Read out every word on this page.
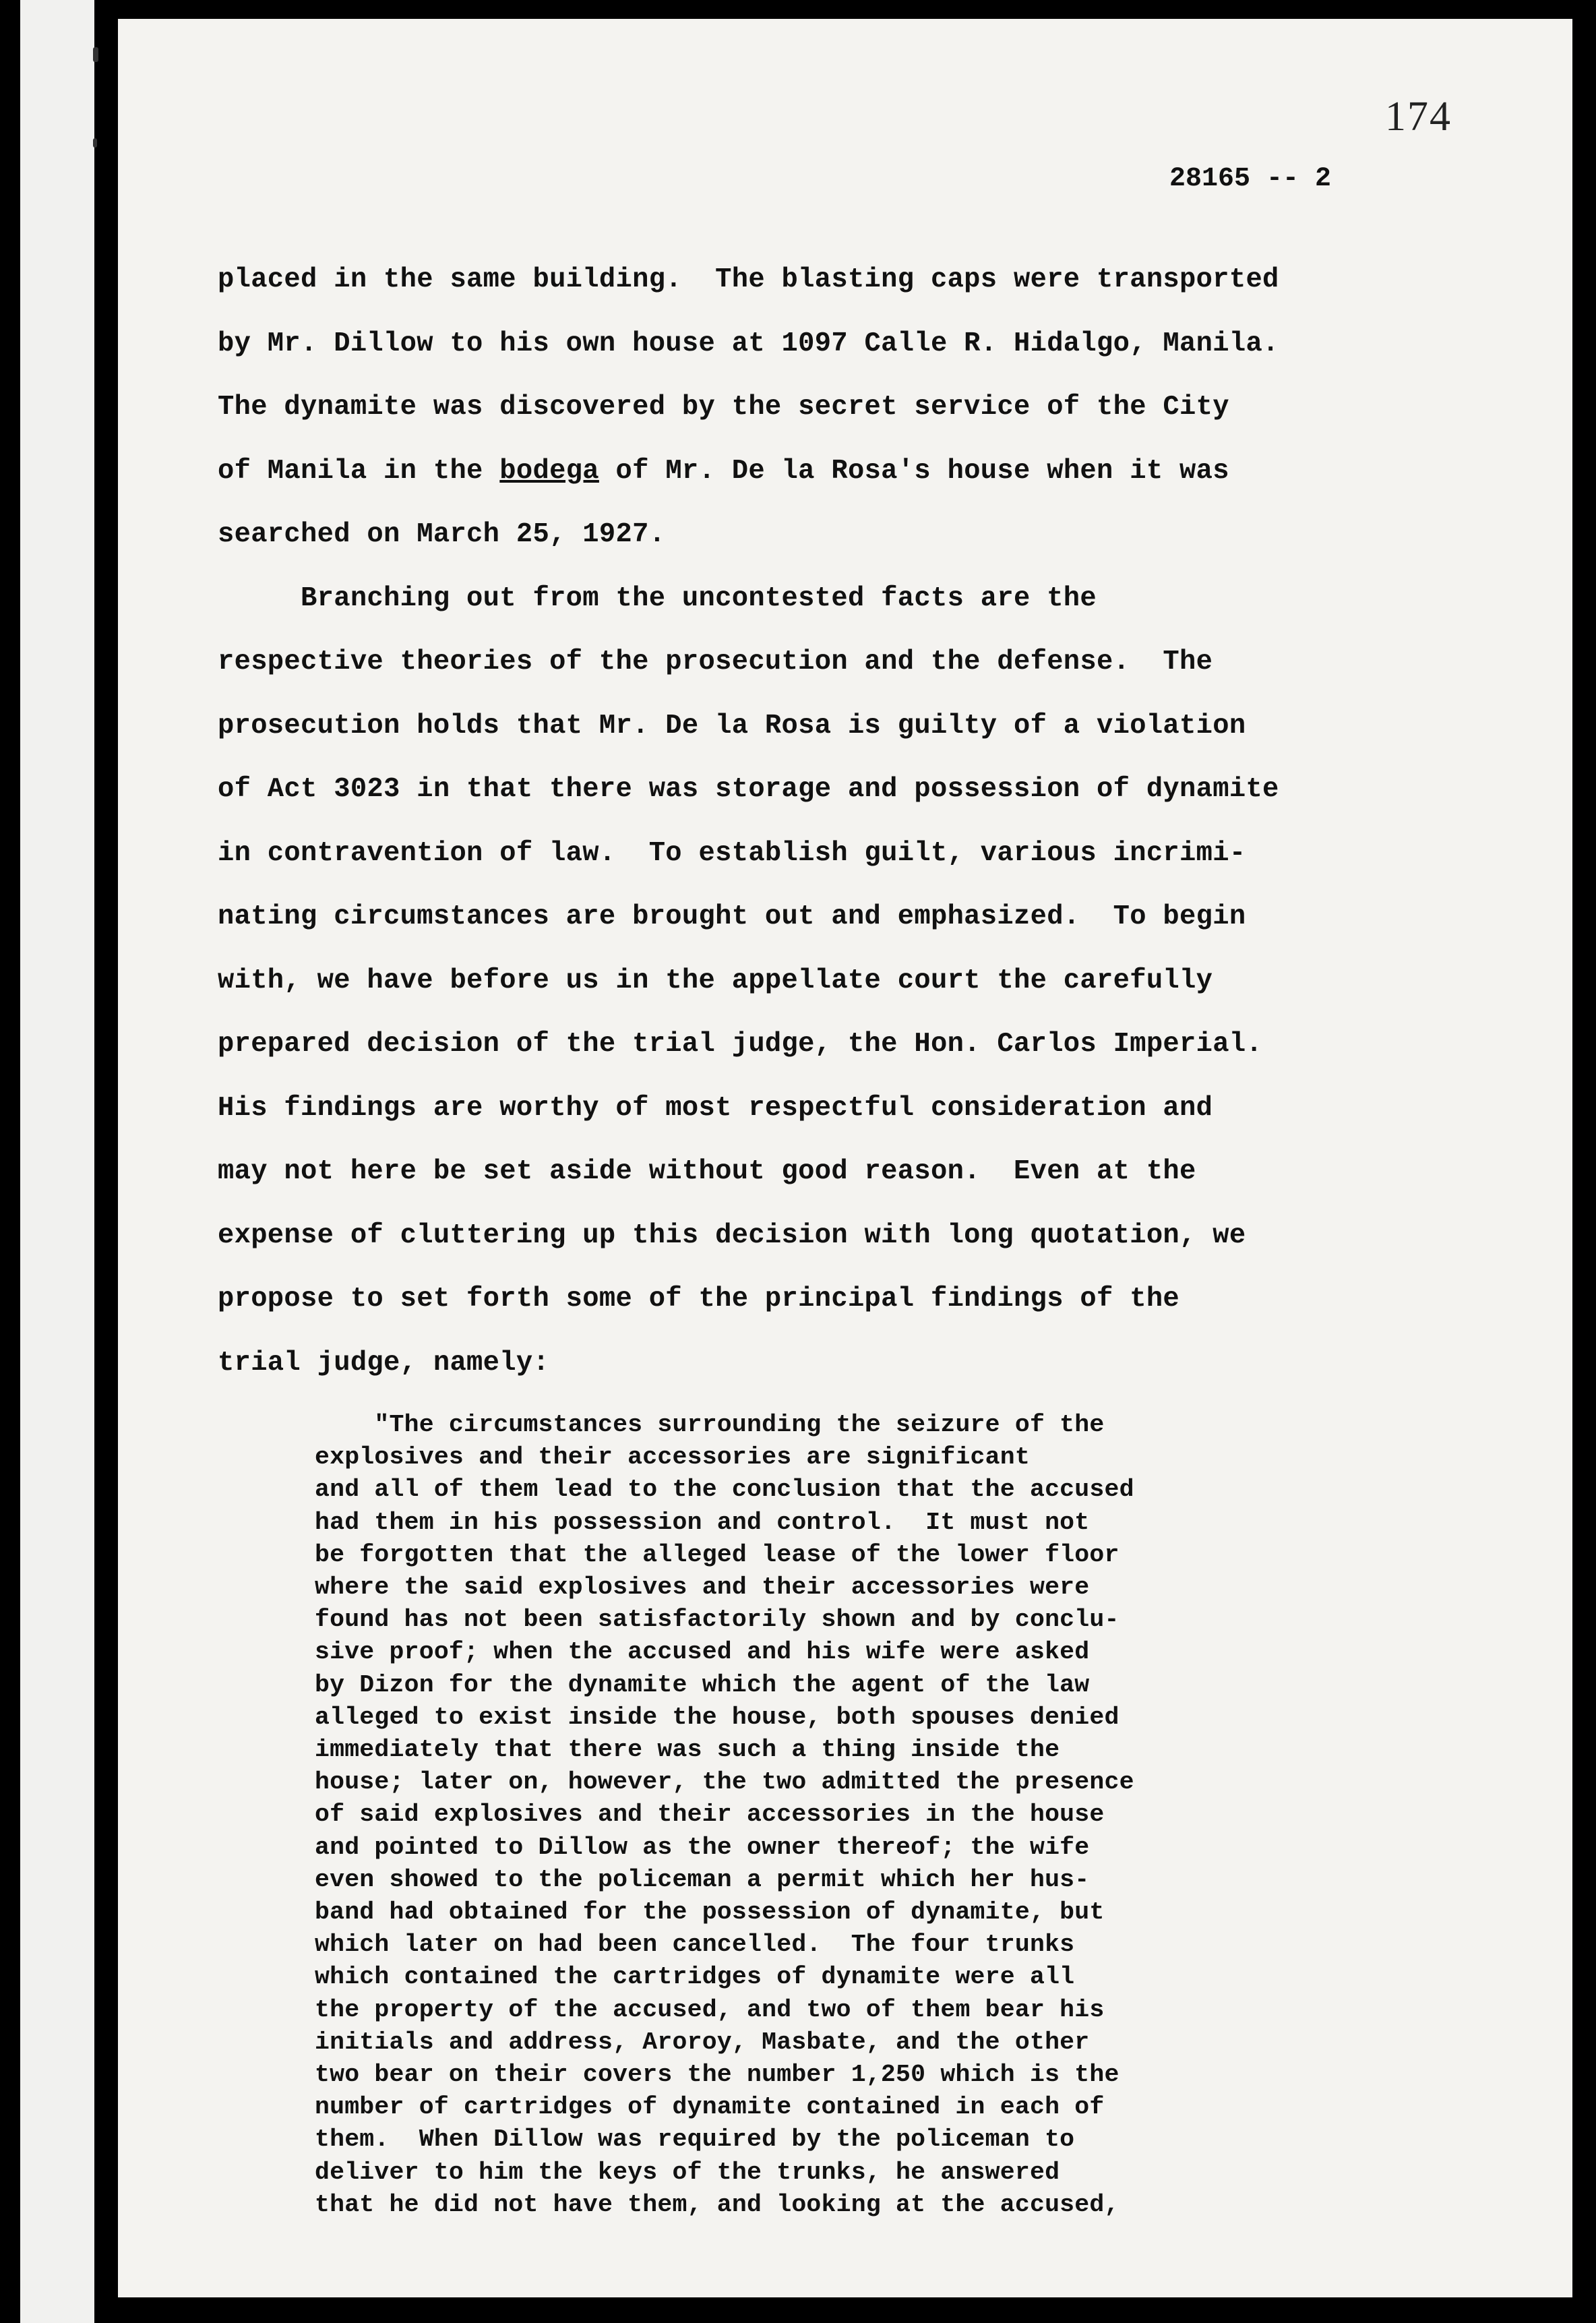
174
28165 -- 2

placed in the same building.  The blasting caps were transported

by Mr. Dillow to his own house at 1097 Calle R. Hidalgo, Manila.

The dynamite was discovered by the secret service of the City

of Manila in the bodega of Mr. De la Rosa's house when it was

searched on March 25, 1927.

Branching out from the uncontested facts are the

respective theories of the prosecution and the defense.  The

prosecution holds that Mr. De la Rosa is guilty of a violation

of Act 3023 in that there was storage and possession of dynamite

in contravention of law.  To establish guilt, various incrimi-

nating circumstances are brought out and emphasized.  To begin

with, we have before us in the appellate court the carefully

prepared decision of the trial judge, the Hon. Carlos Imperial.

His findings are worthy of most respectful consideration and

may not here be set aside without good reason.  Even at the

expense of cluttering up this decision with long quotation, we

propose to set forth some of the principal findings of the

trial judge, namely:

"The circumstances surrounding the seizure of the

explosives and their accessories are significant

and all of them lead to the conclusion that the accused

had them in his possession and control.  It must not

be forgotten that the alleged lease of the lower floor

where the said explosives and their accessories were

found has not been satisfactorily shown and by conclu-

sive proof; when the accused and his wife were asked

by Dizon for the dynamite which the agent of the law

alleged to exist inside the house, both spouses denied

immediately that there was such a thing inside the

house; later on, however, the two admitted the presence

of said explosives and their accessories in the house

and pointed to Dillow as the owner thereof; the wife

even showed to the policeman a permit which her hus-

band had obtained for the possession of dynamite, but

which later on had been cancelled.  The four trunks

which contained the cartridges of dynamite were all

the property of the accused, and two of them bear his

initials and address, Aroroy, Masbate, and the other

two bear on their covers the number 1,250 which is the

number of cartridges of dynamite contained in each of

them.  When Dillow was required by the policeman to

deliver to him the keys of the trunks, he answered

that he did not have them, and looking at the accused,
